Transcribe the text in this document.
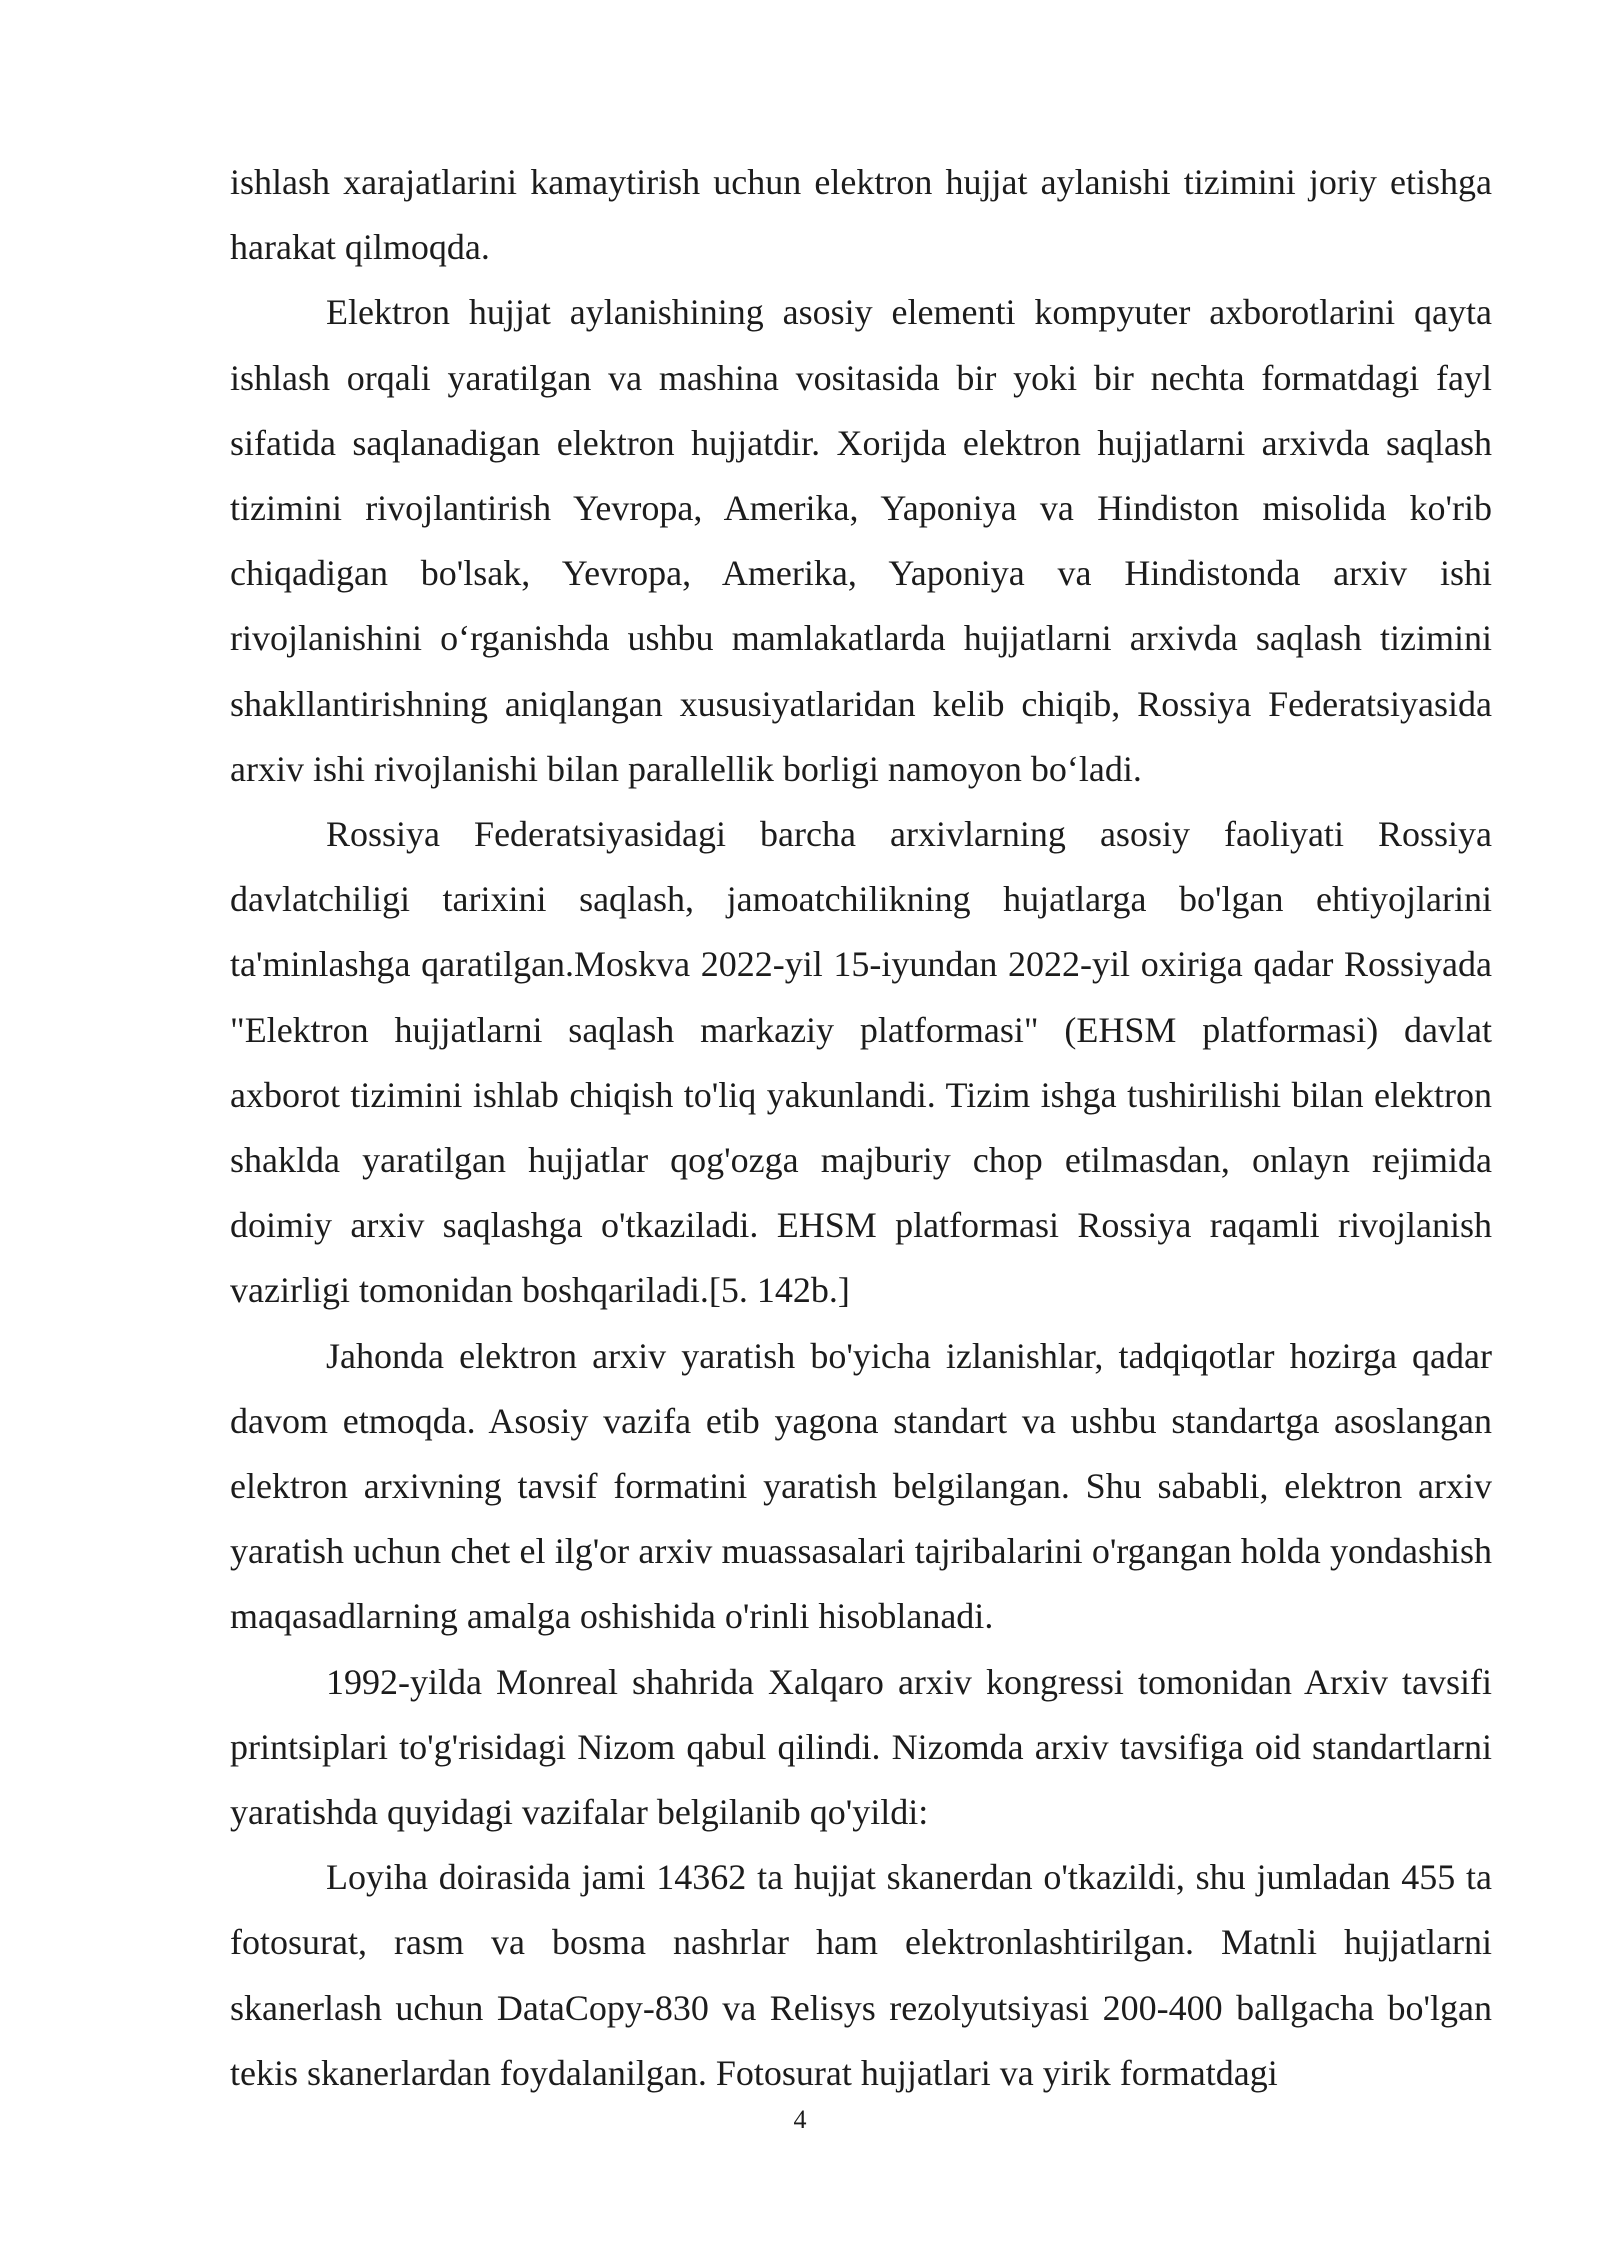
ishlash xarajatlarini kamaytirish uchun elektron hujjat aylanishi tizimini joriy etishga harakat qilmoqda.

Elektron hujjat aylanishining asosiy elementi kompyuter axborotlarini qayta ishlash orqali yaratilgan va mashina vositasida bir yoki bir nechta formatdagi fayl sifatida saqlanadigan elektron hujjatdir. Xorijda elektron hujjatlarni arxivda saqlash tizimini rivojlantirish Yevropa, Amerika, Yaponiya va Hindiston misolida ko'rib chiqadigan bo'lsak, Yevropa, Amerika, Yaponiya va Hindistonda arxiv ishi rivojlanishini o‘rganishda ushbu mamlakatlarda hujjatlarni arxivda saqlash tizimini shakllantirishning aniqlangan xususiyatlaridan kelib chiqib, Rossiya Federatsiyasida arxiv ishi rivojlanishi bilan parallellik borligi namoyon bo‘ladi.

Rossiya Federatsiyasidagi barcha arxivlarning asosiy faoliyati Rossiya davlatchiligi tarixini saqlash, jamoatchilikning hujatlarga bo'lgan ehtiyojlarini ta'minlashga qaratilgan.Moskva 2022-yil 15-iyundan 2022-yil oxiriga qadar Rossiyada "Elektron hujjatlarni saqlash markaziy platformasi" (EHSM platformasi) davlat axborot tizimini ishlab chiqish to'liq yakunlandi. Tizim ishga tushirilishi bilan elektron shaklda yaratilgan hujjatlar qog'ozga majburiy chop etilmasdan, onlayn rejimida doimiy arxiv saqlashga o'tkaziladi. EHSM platformasi Rossiya raqamli rivojlanish vazirligi tomonidan boshqariladi.[5. 142b.]

Jahonda elektron arxiv yaratish bo'yicha izlanishlar, tadqiqotlar hozirga qadar davom etmoqda. Asosiy vazifa etib yagona standart va ushbu standartga asoslangan elektron arxivning tavsif formatini yaratish belgilangan. Shu sababli, elektron arxiv yaratish uchun chet el ilg'or arxiv muassasalari tajribalarini o'rgangan holda yondashish maqasadlarning amalga oshishida o'rinli hisoblanadi.

1992-yilda Monreal shahrida Xalqaro arxiv kongressi tomonidan Arxiv tavsifi printsiplari to'g'risidagi Nizom qabul qilindi. Nizomda arxiv tavsifiga oid standartlarni yaratishda quyidagi vazifalar belgilanib qo'yildi:

Loyiha doirasida jami 14362 ta hujjat skanerdan o'tkazildi, shu jumladan 455 ta fotosurat, rasm va bosma nashrlar ham elektronlashtirilgan. Matnli hujjatlarni skanerlash uchun DataCopy-830 va Relisys rezolyutsiyasi 200-400 ballgacha bo'lgan tekis skanerlardan foydalanilgan. Fotosurat hujjatlari va yirik formatdagi

4
